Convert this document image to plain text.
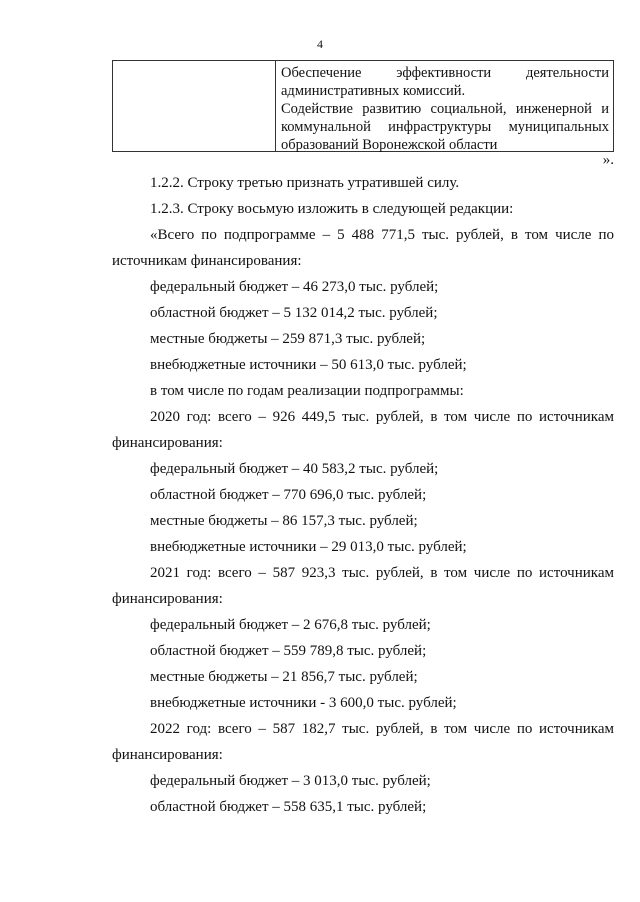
4
Обеспечение эффективности деятельности
административных комиссий.
Содействие развитию социальной, инженерной и
коммунальной инфраструктуры муниципальных
образований Воронежской области
».
1.2.2. Строку третью признать утратившей силу.
1.2.3. Строку восьмую изложить в следующей редакции:
«Всего по подпрограмме – 5 488 771,5 тыс. рублей, в том числе по
источникам финансирования:
федеральный бюджет – 46 273,0 тыс. рублей;
областной бюджет – 5 132 014,2 тыс. рублей;
местные бюджеты – 259 871,3 тыс. рублей;
внебюджетные источники – 50 613,0 тыс. рублей;
в том числе по годам реализации подпрограммы:
2020 год: всего – 926 449,5 тыс. рублей, в том числе по источникам
финансирования:
федеральный бюджет – 40 583,2 тыс. рублей;
областной бюджет – 770 696,0 тыс. рублей;
местные бюджеты – 86 157,3 тыс. рублей;
внебюджетные источники – 29 013,0 тыс. рублей;
2021 год: всего – 587 923,3 тыс. рублей, в том числе по источникам
финансирования:
федеральный бюджет – 2 676,8 тыс. рублей;
областной бюджет – 559 789,8 тыс. рублей;
местные бюджеты – 21 856,7 тыс. рублей;
внебюджетные источники - 3 600,0 тыс. рублей;
2022 год: всего – 587 182,7 тыс. рублей, в том числе по источникам
финансирования:
федеральный бюджет – 3 013,0 тыс. рублей;
областной бюджет – 558 635,1 тыс. рублей;
